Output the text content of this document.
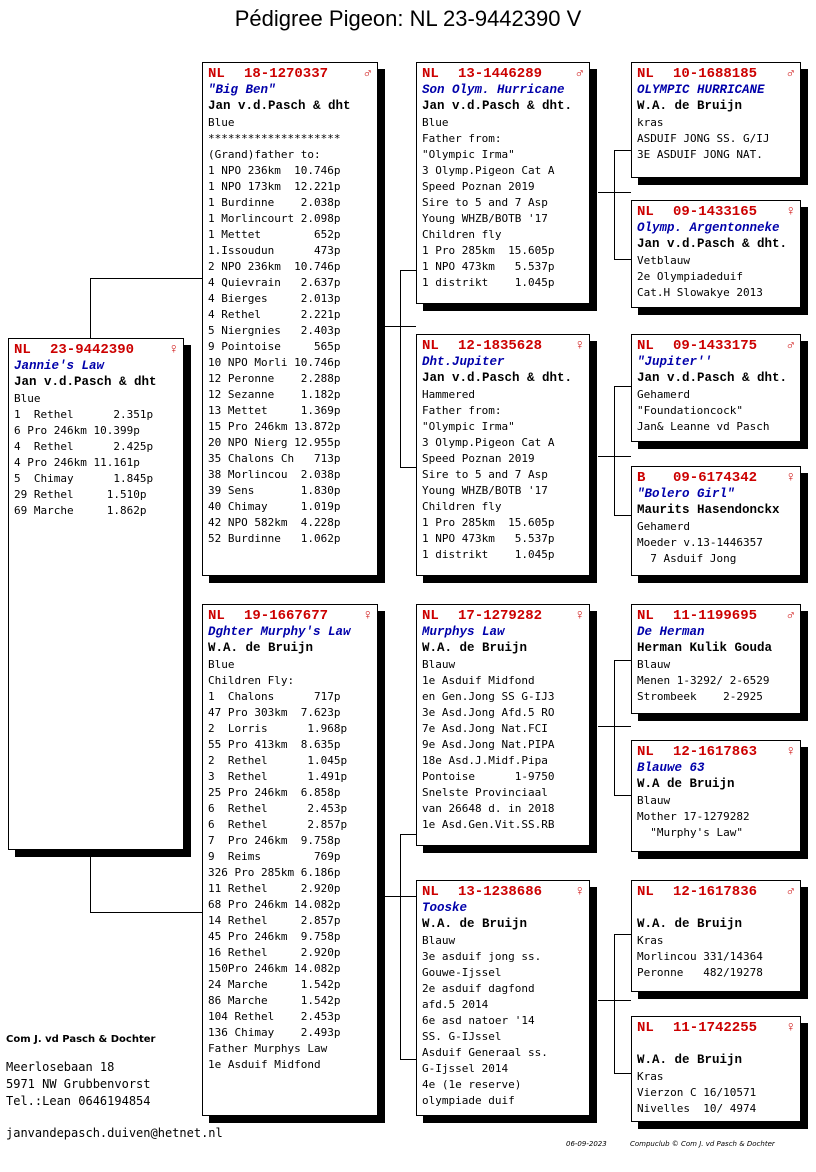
Pédigree Pigeon: NL 23-9442390 V
NL	23-9442390	♀
Jannie's Law
Jan v.d.Pasch & dht
Blue
1  Rethel      2.351p
6 Pro 246km 10.399p
4  Rethel      2.425p
4 Pro 246km 11.161p
5  Chimay      1.845p
29 Rethel     1.510p
69 Marche     1.862p
NL	18-1270337	♂
"Big Ben"
Jan v.d.Pasch & dht
Blue
********************
(Grand)father to:
1 NPO 236km  10.746p
1 NPO 173km  12.221p
1 Burdinne    2.038p
1 Morlincourt 2.098p
1 Mettet        652p
1.Issoudun      473p
2 NPO 236km  10.746p
4 Quievrain   2.637p
4 Bierges     2.013p
4 Rethel      2.221p
5 Niergnies   2.403p
9 Pointoise     565p
10 NPO Morli 10.746p
12 Peronne    2.288p
12 Sezanne    1.182p
13 Mettet     1.369p
15 Pro 246km 13.872p
20 NPO Nierg 12.955p
35 Chalons Ch   713p
38 Morlincou  2.038p
39 Sens       1.830p
40 Chimay     1.019p
42 NPO 582km  4.228p
52 Burdinne   1.062p
NL	19-1667677	♀
Dghter Murphy's Law
W.A. de Bruijn
Blue
Children Fly:
1  Chalons      717p
47 Pro 303km  7.623p
2  Lorris      1.968p
55 Pro 413km  8.635p
2  Rethel      1.045p
3  Rethel      1.491p
25 Pro 246km  6.858p
6  Rethel      2.453p
6  Rethel      2.857p
7  Pro 246km  9.758p
9  Reims        769p
326 Pro 285km 6.186p
11 Rethel     2.920p
68 Pro 246km 14.082p
14 Rethel     2.857p
45 Pro 246km  9.758p
16 Rethel     2.920p
150Pro 246km 14.082p
24 Marche     1.542p
86 Marche     1.542p
104 Rethel    2.453p
136 Chimay    2.493p
Father Murphys Law
1e Asduif Midfond
NL	13-1446289	♂
Son Olym. Hurricane
Jan v.d.Pasch & dht.
Blue
Father from:
"Olympic Irma"
3 Olymp.Pigeon Cat A
Speed Poznan 2019
Sire to 5 and 7 Asp
Young WHZB/BOTB '17
Children fly
1 Pro 285km  15.605p
1 NPO 473km   5.537p
1 distrikt    1.045p
NL	12-1835628	♀
Dht.Jupiter
Jan v.d.Pasch & dht.
Hammered
Father from:
"Olympic Irma"
3 Olymp.Pigeon Cat A
Speed Poznan 2019
Sire to 5 and 7 Asp
Young WHZB/BOTB '17
Children fly
1 Pro 285km  15.605p
1 NPO 473km   5.537p
1 distrikt    1.045p
NL	17-1279282	♀
Murphys Law
W.A. de Bruijn
Blauw
1e Asduif Midfond
en Gen.Jong SS G-IJ3
3e Asd.Jong Afd.5 RO
7e Asd.Jong Nat.FCI
9e Asd.Jong Nat.PIPA
18e Asd.J.Midf.Pipa
Pontoise      1-9750
Snelste Provinciaal
van 26648 d. in 2018
1e Asd.Gen.Vit.SS.RB
NL	13-1238686	♀
Tooske
W.A. de Bruijn
Blauw
3e asduif jong ss.
Gouwe-Ijssel
2e asduif dagfond
afd.5 2014
6e asd natoer '14
SS. G-IJssel
Asduif Generaal ss.
G-Ijssel 2014
4e (1e reserve)
olympiade duif
NL	10-1688185	♂
OLYMPIC HURRICANE
W.A. de Bruijn
kras
ASDUIF JONG SS. G/IJ
3E ASDUIF JONG NAT.
NL	09-1433165	♀
Olymp. Argentonneke
Jan v.d.Pasch & dht.
Vetblauw
2e Olympiadeduif
Cat.H Slowakye 2013
NL	09-1433175	♂
"Jupiter''
Jan v.d.Pasch & dht.
Gehamerd
"Foundationcock"
Jan& Leanne vd Pasch
B	09-6174342	♀
"Bolero Girl"
Maurits Hasendonckx
Gehamerd
Moeder v.13-1446357
7 Asduif Jong
NL	11-1199695	♂
De Herman
Herman Kulik Gouda
Blauw
Menen 1-3292/ 2-6529
Strombeek    2-2925
NL	12-1617863	♀
Blauwe 63
W.A de Bruijn
Blauw
Mother 17-1279282
"Murphy's Law"
NL	12-1617836	♂
W.A. de Bruijn
Kras
Morlincou 331/14364
Peronne   482/19278
NL	11-1742255	♀
W.A. de Bruijn
Kras
Vierzon C 16/10571
Nivelles  10/ 4974
Com J. vd Pasch & Dochter
Meerlosebaan 18
5971 NW Grubbenvorst
Tel.:Lean 0646194854
janvandepasch.duiven@hetnet.nl
06-09-2023	Compuclub © Com J. vd Pasch & Dochter
